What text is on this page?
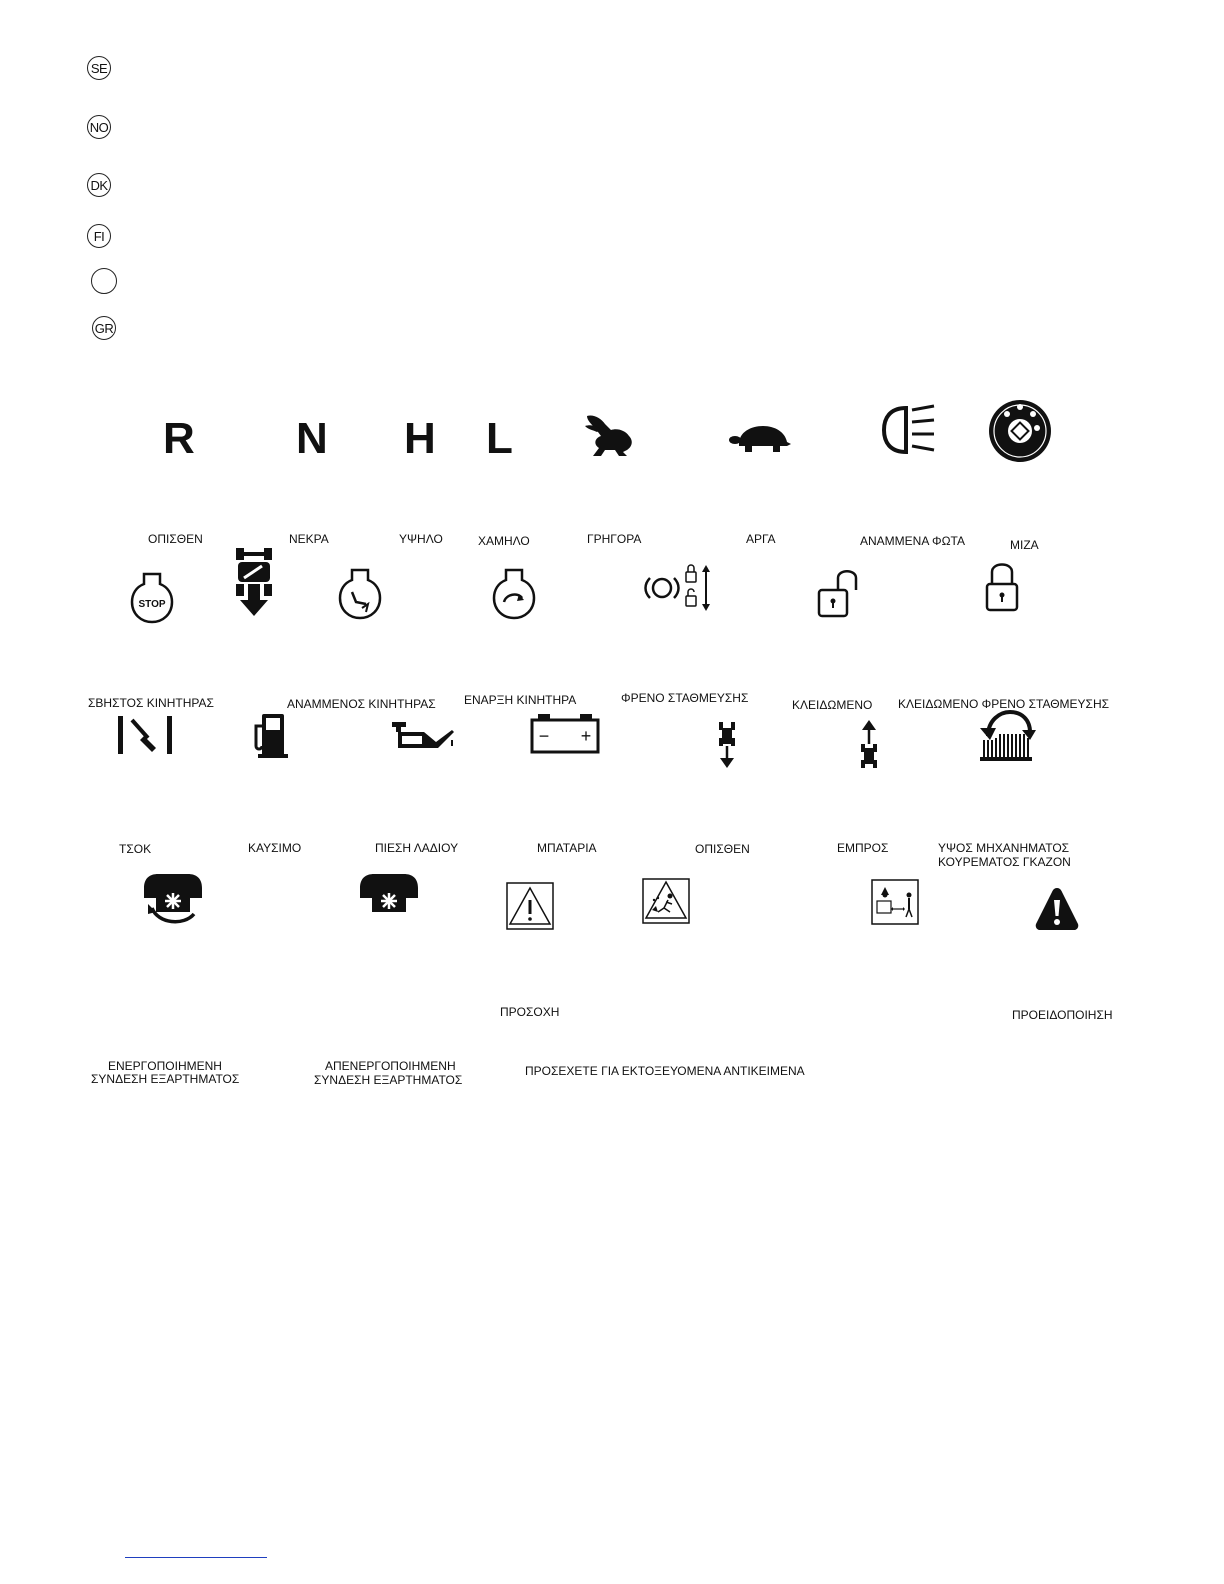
SE
NO
DK
FI
GR
R N H L
ΟΠΙΣΘΕΝ	ΝΕΚΡΑ	ΥΨΗΛΟ	ΧΑΜΗΛΟ	ΓΡΗΓΟΡΑ	ΑΡΓΑ	ΑΝΑΜΜΕΝΑ ΦΩΤΑ	ΜΙΖΑ
STOP
ΣΒΗΣΤΟΣ ΚΙΝΗΤΗΡΑΣ	ΑΝΑΜΜΕΝΟΣ ΚΙΝΗΤΗΡΑΣ ΕΝΑΡΞΗ ΚΙΝΗΤΗΡΑ	ΦΡΕΝΟ ΣΤΑΘΜΕΥΣΗΣ	ΚΛΕΙΔΩΜΕΝΟ ΚΛΕΙΔΩΜΕΝΟ ΦΡΕΝΟ ΣΤΑΘΜΕΥΣΗΣ
− +
ΤΣΟΚ	ΚΑΥΣΙΜΟ	ΠΙΕΣΗ ΛΑΔΙΟΥ	ΜΠΑΤΑΡΙΑ	ΟΠΙΣΘΕΝ	ΕΜΠΡΟΣ	ΥΨΟΣ ΜΗΧΑΝΗΜΑΤΟΣ
ΚΟΥΡΕΜΑΤΟΣ ΓΚΑΖΟΝ
ΠΡΟΣΟΧΗ	ΠΡΟΕΙΔΟΠΟΙΗΣΗ
ΕΝΕΡΓΟΠΟΙΗΜΕΝΗ
ΣΥΝΔΕΣΗ ΕΞΑΡΤΗΜΑΤΟΣ
ΑΠΕΝΕΡΓΟΠΟΙΗΜΕΝΗ
ΣΥΝΔΕΣΗ ΕΞΑΡΤΗΜΑΤΟΣ
ΠΡΟΣΕΧΕΤΕ ΓΙΑ ΕΚΤΟΞΕΥΟΜΕΝΑ ΑΝΤΙΚΕΙΜΕΝΑ
